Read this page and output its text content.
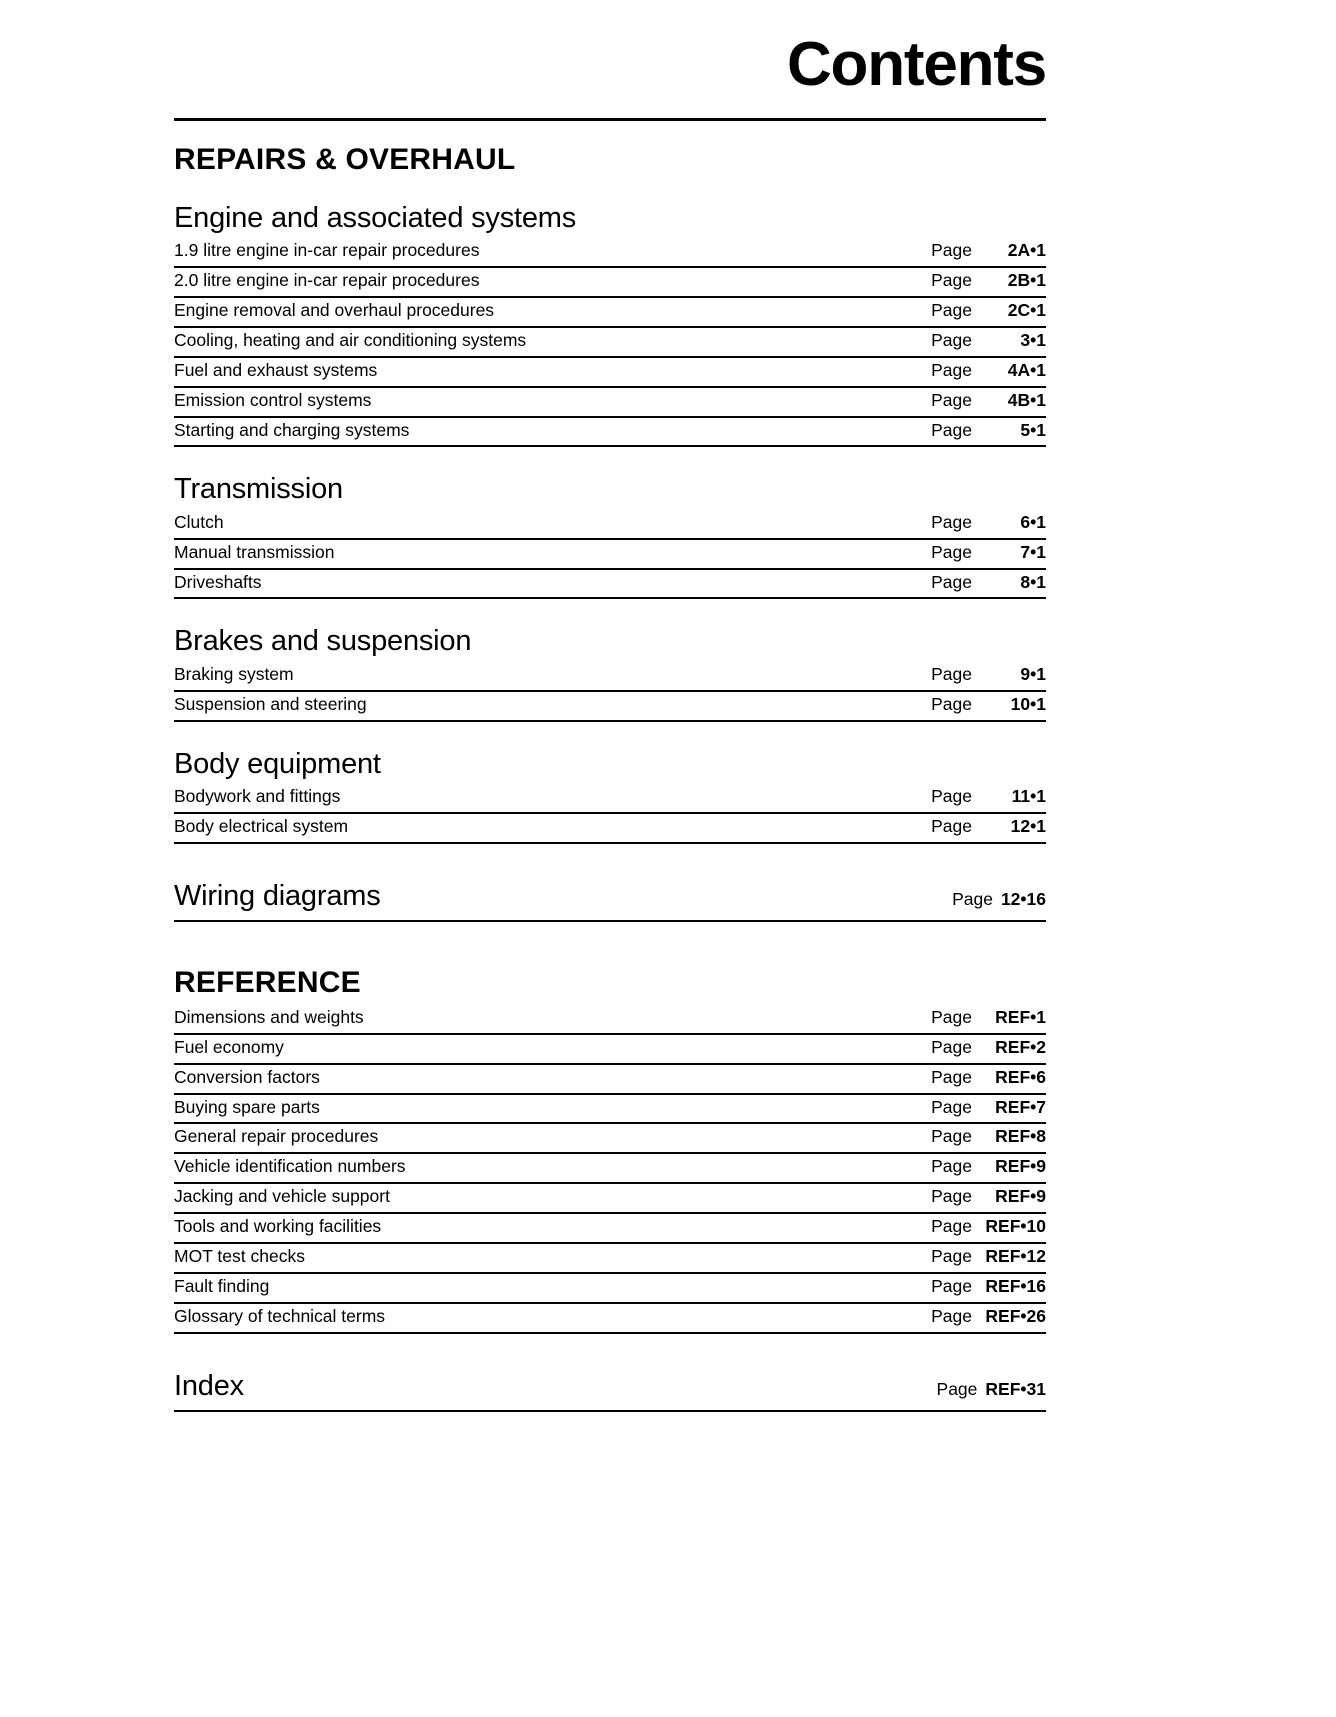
Contents
REPAIRS & OVERHAUL
Engine and associated systems
1.9 litre engine in-car repair procedures	Page	2A•1
2.0 litre engine in-car repair procedures	Page	2B•1
Engine removal and overhaul procedures	Page	2C•1
Cooling, heating and air conditioning systems	Page	3•1
Fuel and exhaust systems	Page	4A•1
Emission control systems	Page	4B•1
Starting and charging systems	Page	5•1
Transmission
Clutch	Page	6•1
Manual transmission	Page	7•1
Driveshafts	Page	8•1
Brakes and suspension
Braking system	Page	9•1
Suspension and steering	Page	10•1
Body equipment
Bodywork and fittings	Page	11•1
Body electrical system	Page	12•1
Wiring diagrams	Page 12•16
REFERENCE
Dimensions and weights	Page	REF•1
Fuel economy	Page	REF•2
Conversion factors	Page	REF•6
Buying spare parts	Page	REF•7
General repair procedures	Page	REF•8
Vehicle identification numbers	Page	REF•9
Jacking and vehicle support	Page	REF•9
Tools and working facilities	Page REF•10
MOT test checks	Page REF•12
Fault finding	Page REF•16
Glossary of technical terms	Page REF•26
Index	Page REF•31
